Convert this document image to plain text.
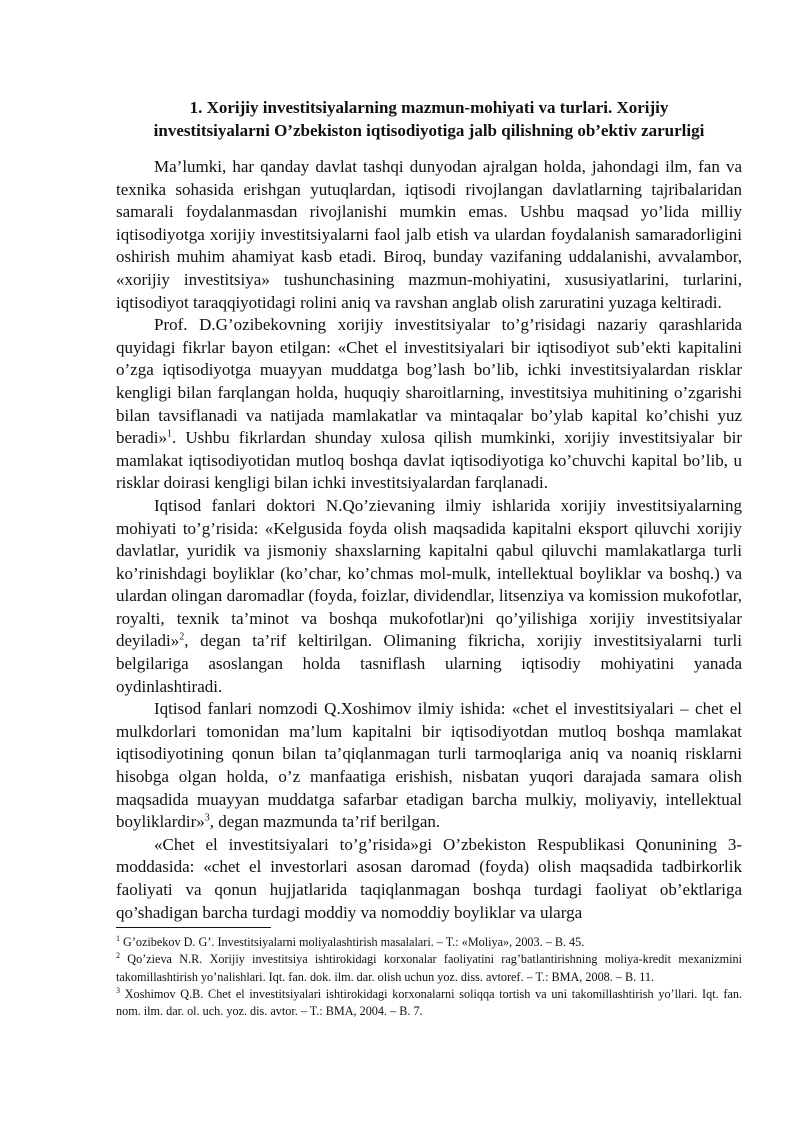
1. Xorijiy investitsiyalarning mazmun-mohiyati va turlari. Xorijiy
investitsiyalarni O’zbekiston iqtisodiyotiga jalb qilishning ob’ektiv zarurligi

Ma’lumki, har qanday davlat tashqi dunyodan ajralgan holda, jahondagi ilm, fan va texnika sohasida erishgan yutuqlardan, iqtisodi rivojlangan davlatlarning tajribalaridan samarali foydalanmasdan rivojlanishi mumkin emas. Ushbu maqsad yo’lida milliy iqtisodiyotga xorijiy investitsiyalarni faol jalb etish va ulardan foydalanish samaradorligini oshirish muhim ahamiyat kasb etadi. Biroq, bunday vazifaning uddalanishi, avvalambor, «xorijiy investitsiya» tushunchasining mazmun-mohiyatini, xususiyatlarini, turlarini, iqtisodiyot taraqqiyotidagi rolini aniq va ravshan anglab olish zaruratini yuzaga keltiradi.

Prof. D.G’ozibekovning xorijiy investitsiyalar to’g’risidagi nazariy qarashlarida quyidagi fikrlar bayon etilgan: «Chet el investitsiyalari bir iqtisodiyot sub’ekti kapitalini o’zga iqtisodiyotga muayyan muddatga bog’lash bo’lib, ichki investitsiyalardan risklar kengligi bilan farqlangan holda, huquqiy sharoitlarning, investitsiya muhitining o’zgarishi bilan tavsiflanadi va natijada mamlakatlar va mintaqalar bo’ylab kapital ko’chishi yuz beradi»$^1$. Ushbu fikrlardan shunday xulosa qilish mumkinki, xorijiy investitsiyalar bir mamlakat iqtisodiyotidan mutloq boshqa davlat iqtisodiyotiga ko’chuvchi kapital bo’lib, u risklar doirasi kengligi bilan ichki investitsiyalardan farqlanadi.

Iqtisod fanlari doktori N.Qo’zievaning ilmiy ishlarida xorijiy investitsiyalarning mohiyati to’g’risida: «Kelgusida foyda olish maqsadida kapitalni eksport qiluvchi xorijiy davlatlar, yuridik va jismoniy shaxslarning kapitalni qabul qiluvchi mamlakatlarga turli ko’rinishdagi boyliklar (ko’char, ko’chmas mol-mulk, intellektual boyliklar va boshq.) va ulardan olingan daromadlar (foyda, foizlar, dividendlar, litsenziya va komission mukofotlar, royalti, texnik ta’minot va boshqa mukofotlar)ni qo’yilishiga xorijiy investitsiyalar deyiladi»$^2$, degan ta’rif keltirilgan. Olimaning fikricha, xorijiy investitsiyalarni turli belgilariga asoslangan holda tasniflash ularning iqtisodiy mohiyatini yanada oydinlashtiradi.

Iqtisod fanlari nomzodi Q.Xoshimov ilmiy ishida: «chet el investitsiyalari – chet el mulkdorlari tomonidan ma’lum kapitalni bir iqtisodiyotdan mutloq boshqa mamlakat iqtisodiyotining qonun bilan ta’qiqlanmagan turli tarmoqlariga aniq va noaniq risklarni hisobga olgan holda, o’z manfaatiga erishish, nisbatan yuqori darajada samara olish maqsadida muayyan muddatga safarbar etadigan barcha mulkiy, moliyaviy, intellektual boyliklardir»$^3$, degan mazmunda ta’rif berilgan.

«Chet el investitsiyalari to’g’risida»gi O’zbekiston Respublikasi Qonunining 3-moddasida: «chet el investorlari asosan daromad (foyda) olish maqsadida tadbirkorlik faoliyati va qonun hujjatlarida taqiqlanmagan boshqa turdagi faoliyat ob’ektlariga qo’shadigan barcha turdagi moddiy va nomoddiy boyliklar va ularga

$^1$ G’ozibekov D. G’. Investitsiyalarni moliyalashtirish masalalari. – T.: «Moliya», 2003. – B. 45.

$^2$ Qo’zieva N.R. Xorijiy investitsiya ishtirokidagi korxonalar faoliyatini rag’batlantirishning moliya-kredit mexanizmini takomillashtirish yo’nalishlari. Iqt. fan. dok. ilm. dar. olish uchun yoz. diss. avtoref. – T.: BMA, 2008. – B. 11.

$^3$ Xoshimov Q.B. Chet el investitsiyalari ishtirokidagi korxonalarni soliqqa tortish va uni takomillashtirish yo’llari. Iqt. fan. nom. ilm. dar. ol. uch. yoz. dis. avtor. – T.: BMA, 2004. – B. 7.
